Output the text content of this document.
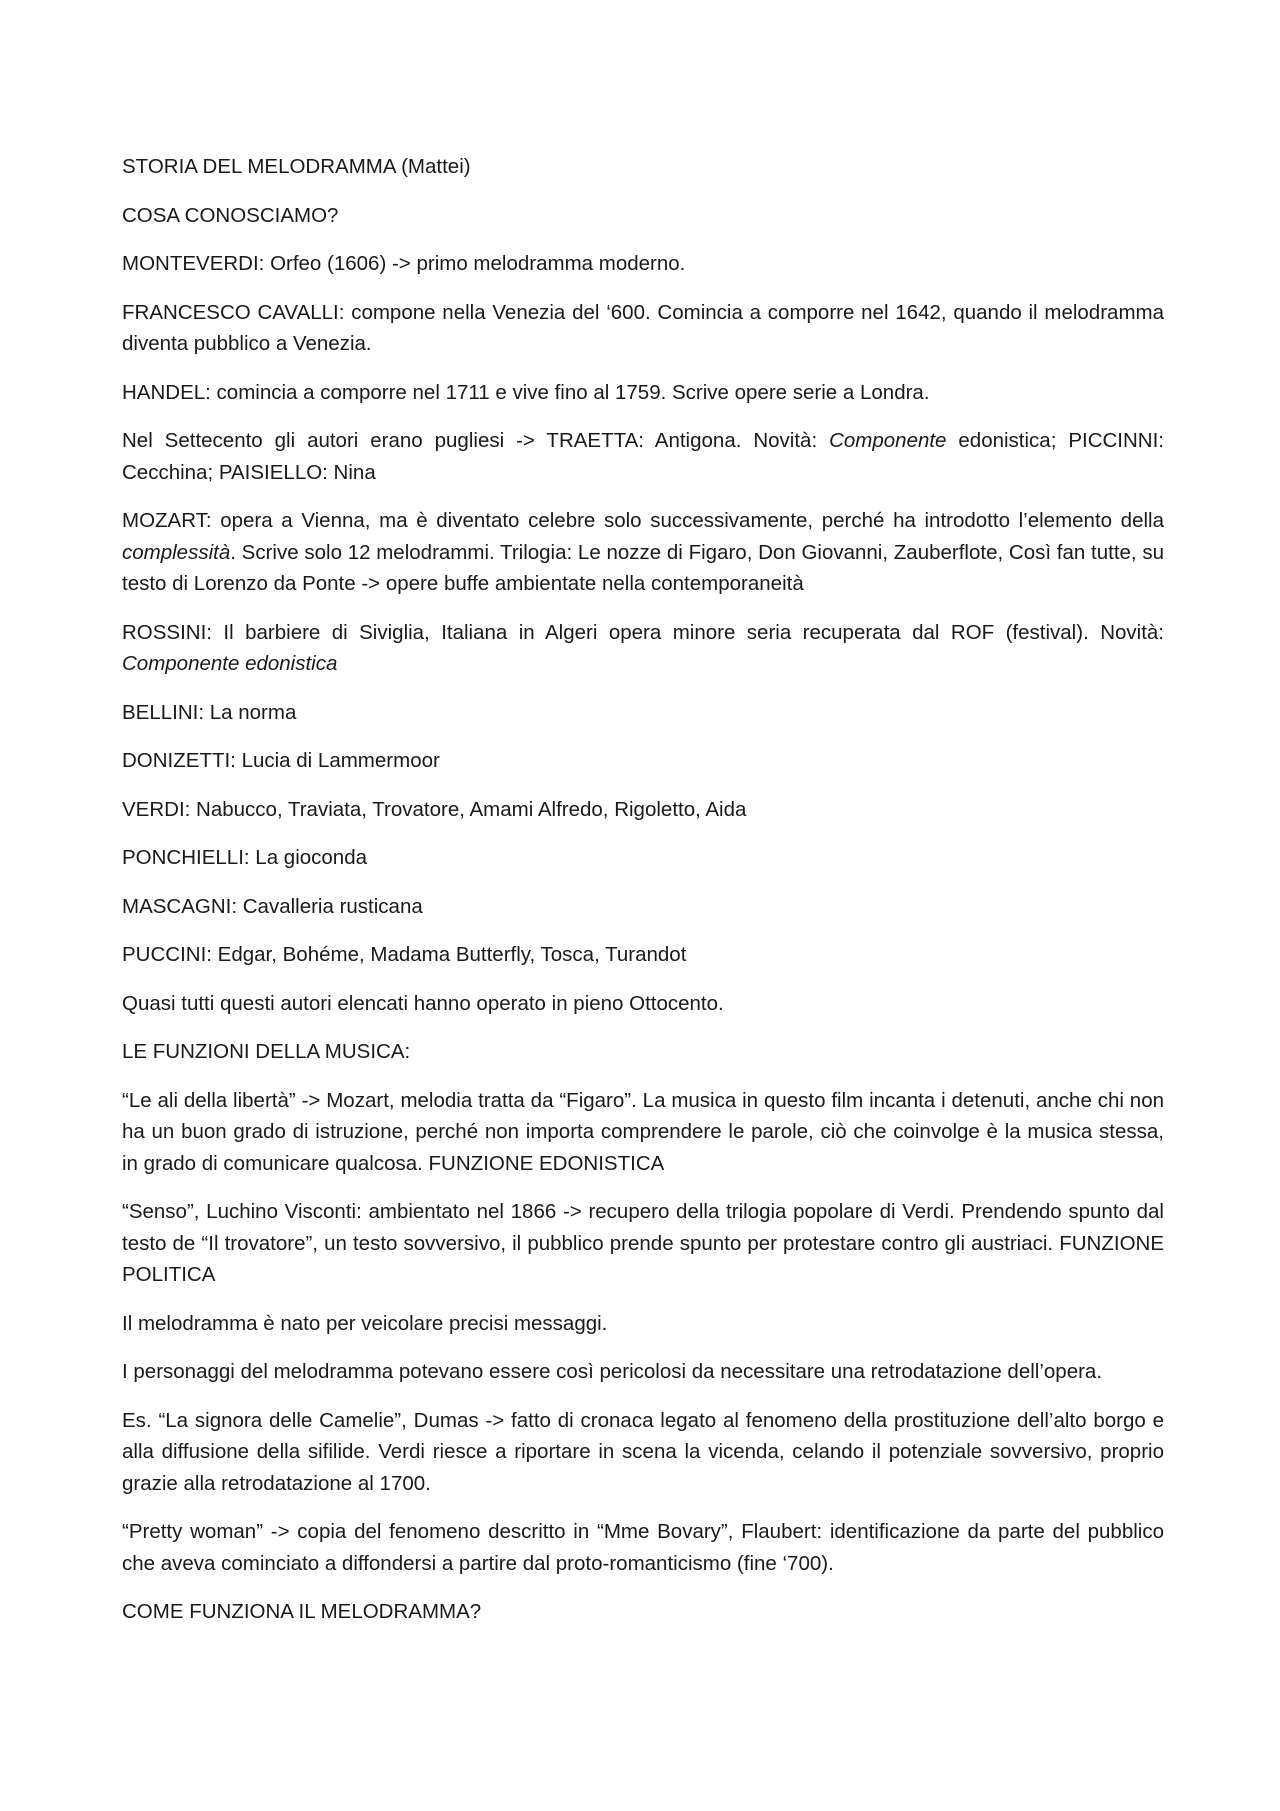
STORIA DEL MELODRAMMA (Mattei)

COSA CONOSCIAMO?

MONTEVERDI: Orfeo (1606) -> primo melodramma moderno.

FRANCESCO CAVALLI: compone nella Venezia del ‘600. Comincia a comporre nel 1642, quando il melodramma diventa pubblico a Venezia.

HANDEL: comincia a comporre nel 1711 e vive fino al 1759. Scrive opere serie a Londra.

Nel Settecento gli autori erano pugliesi -> TRAETTA: Antigona. Novità: Componente edonistica; PICCINNI: Cecchina; PAISIELLO: Nina

MOZART: opera a Vienna, ma è diventato celebre solo successivamente, perché ha introdotto l’elemento della complessità. Scrive solo 12 melodrammi. Trilogia: Le nozze di Figaro, Don Giovanni, Zauberflote, Così fan tutte, su testo di Lorenzo da Ponte -> opere buffe ambientate nella contemporaneità

ROSSINI: Il barbiere di Siviglia, Italiana in Algeri opera minore seria recuperata dal ROF (festival). Novità: Componente edonistica

BELLINI: La norma

DONIZETTI: Lucia di Lammermoor

VERDI: Nabucco, Traviata, Trovatore, Amami Alfredo, Rigoletto, Aida

PONCHIELLI: La gioconda

MASCAGNI: Cavalleria rusticana

PUCCINI: Edgar, Bohéme, Madama Butterfly, Tosca, Turandot

Quasi tutti questi autori elencati hanno operato in pieno Ottocento.

LE FUNZIONI DELLA MUSICA:

“Le ali della libertà” -> Mozart, melodia tratta da “Figaro”. La musica in questo film incanta i detenuti, anche chi non ha un buon grado di istruzione, perché non importa comprendere le parole, ciò che coinvolge è la musica stessa, in grado di comunicare qualcosa. FUNZIONE EDONISTICA

“Senso”, Luchino Visconti: ambientato nel 1866 -> recupero della trilogia popolare di Verdi. Prendendo spunto dal testo de “Il trovatore”, un testo sovversivo, il pubblico prende spunto per protestare contro gli austriaci. FUNZIONE POLITICA

Il melodramma è nato per veicolare precisi messaggi.

I personaggi del melodramma potevano essere così pericolosi da necessitare una retrodatazione dell’opera.

Es. “La signora delle Camelie”, Dumas -> fatto di cronaca legato al fenomeno della prostituzione dell’alto borgo e alla diffusione della sifilide. Verdi riesce a riportare in scena la vicenda, celando il potenziale sovversivo, proprio grazie alla retrodatazione al 1700.

“Pretty woman” -> copia del fenomeno descritto in “Mme Bovary”, Flaubert: identificazione da parte del pubblico che aveva cominciato a diffondersi a partire dal proto-romanticismo (fine ‘700).

COME FUNZIONA IL MELODRAMMA?
